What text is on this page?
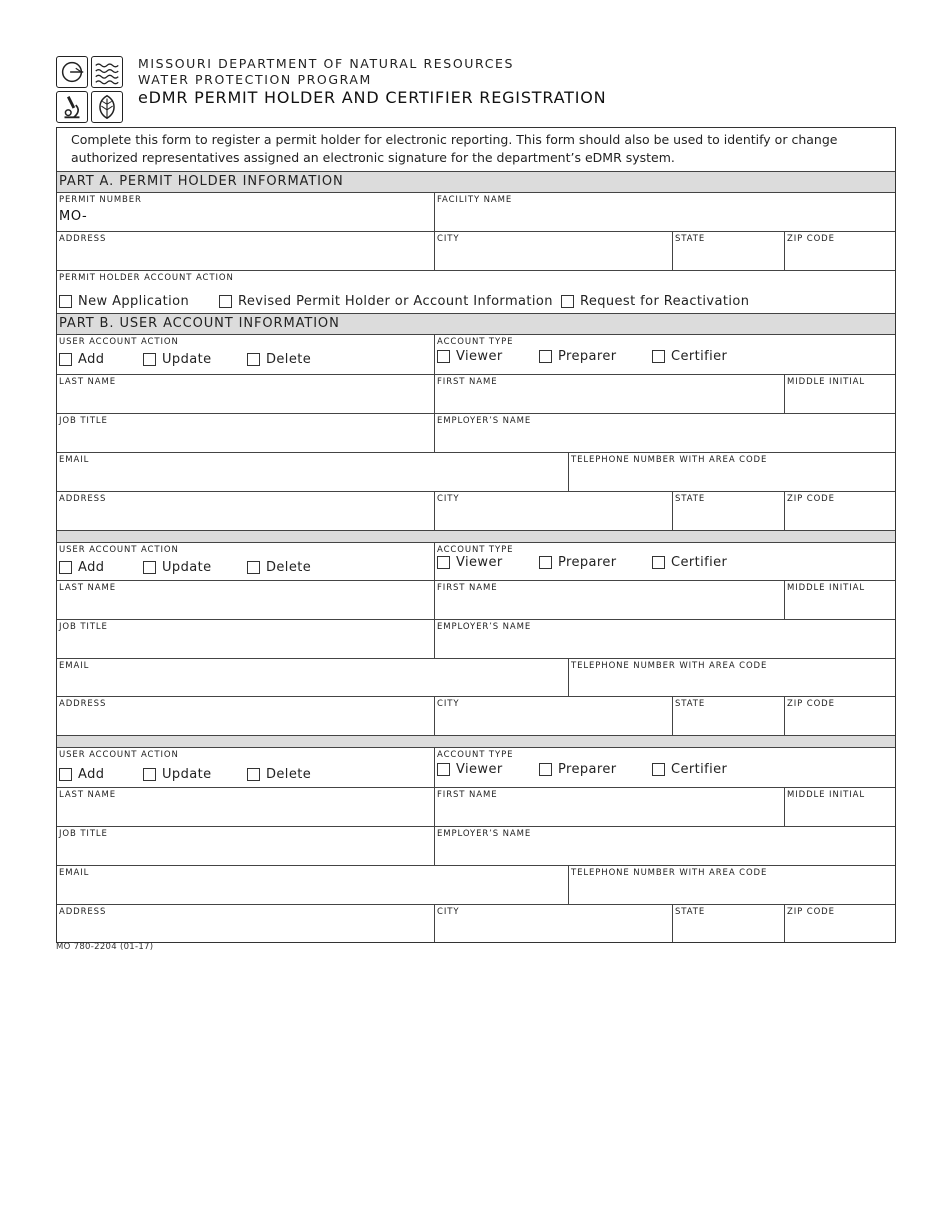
MISSOURI DEPARTMENT OF NATURAL RESOURCES
WATER PROTECTION PROGRAM
eDMR PERMIT HOLDER AND CERTIFIER REGISTRATION
Complete this form to register a permit holder for electronic reporting. This form should also be used to identify or change authorized representatives assigned an electronic signature for the department’s eDMR system.
PART A. PERMIT HOLDER INFORMATION
PERMIT NUMBER
MO-
FACILITY NAME
ADDRESS	CITY	STATE	ZIP CODE
PERMIT HOLDER ACCOUNT ACTION
New Application	Revised Permit Holder or Account Information Request for Reactivation
PART B. USER ACCOUNT INFORMATION
USER ACCOUNT ACTION
Add	Update	Delete
ACCOUNT TYPE
Viewer	Preparer	Certifier
LAST NAME	FIRST NAME	MIDDLE INITIAL
JOB TITLE	EMPLOYER’S NAME
EMAIL	TELEPHONE NUMBER WITH AREA CODE
ADDRESS	CITY	STATE	ZIP CODE
USER ACCOUNT ACTION
Add	Update	Delete
ACCOUNT TYPE
Viewer	Preparer	Certifier
LAST NAME	FIRST NAME	MIDDLE INITIAL
JOB TITLE	EMPLOYER’S NAME
EMAIL	TELEPHONE NUMBER WITH AREA CODE
ADDRESS	CITY	STATE	ZIP CODE
USER ACCOUNT ACTION
Add	Update	Delete
ACCOUNT TYPE
Viewer	Preparer	Certifier
LAST NAME	FIRST NAME	MIDDLE INITIAL
JOB TITLE	EMPLOYER’S NAME
EMAIL	TELEPHONE NUMBER WITH AREA CODE
ADDRESS	CITY	STATE	ZIP CODE
MO 780-2204 (01-17)
